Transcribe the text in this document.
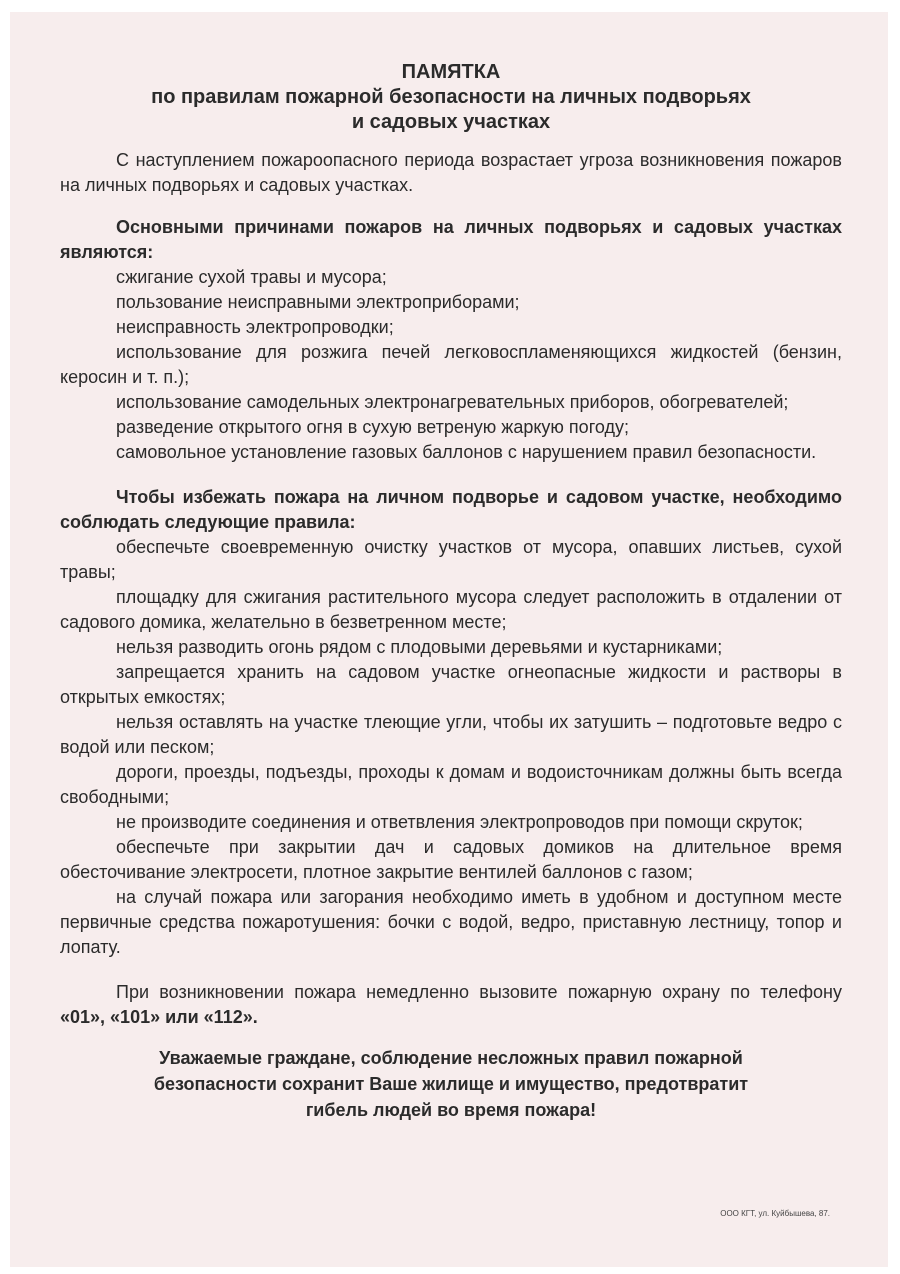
ПАМЯТКА
по правилам пожарной безопасности на личных подворьях
и садовых участках

С наступлением пожароопасного периода возрастает угроза возникновения пожаров на личных подворьях и садовых участках.

Основными причинами пожаров на личных подворьях и садовых участках являются:

сжигание сухой травы и мусора;

пользование неисправными электроприборами;

неисправность электропроводки;

использование для розжига печей легковоспламеняющихся жидкостей (бензин, керосин и т. п.);

использование самодельных электронагревательных приборов, обогревателей;

разведение открытого огня в сухую ветреную жаркую погоду;

самовольное установление газовых баллонов с нарушением правил безопасности.

Чтобы избежать пожара на личном подворье и садовом участке, необходимо соблюдать следующие правила:

обеспечьте своевременную очистку участков от мусора, опавших листьев, сухой травы;

площадку для сжигания растительного мусора следует расположить в отдалении от садового домика, желательно в безветренном месте;

нельзя разводить огонь рядом с плодовыми деревьями и кустарниками;

запрещается хранить на садовом участке огнеопасные жидкости и растворы в открытых емкостях;

нельзя оставлять на участке тлеющие угли, чтобы их затушить – подготовьте ведро с водой или песком;

дороги, проезды, подъезды, проходы к домам и водоисточникам должны быть всегда свободными;

не производите соединения и ответвления электропроводов при помощи скруток;

обеспечьте при закрытии дач и садовых домиков на длительное время обесточивание электросети, плотное закрытие вентилей баллонов с газом;

на случай пожара или загорания необходимо иметь в удобном и доступном месте первичные средства пожаротушения: бочки с водой, ведро, приставную лестницу, топор и лопату.

При возникновении пожара немедленно вызовите пожарную охрану по телефону «01», «101» или «112».

Уважаемые граждане, соблюдение несложных правил пожарной
безопасности сохранит Ваше жилище и имущество, предотвратит
гибель людей во время пожара!
ООО КГТ, ул. Куйбышева, 87.
